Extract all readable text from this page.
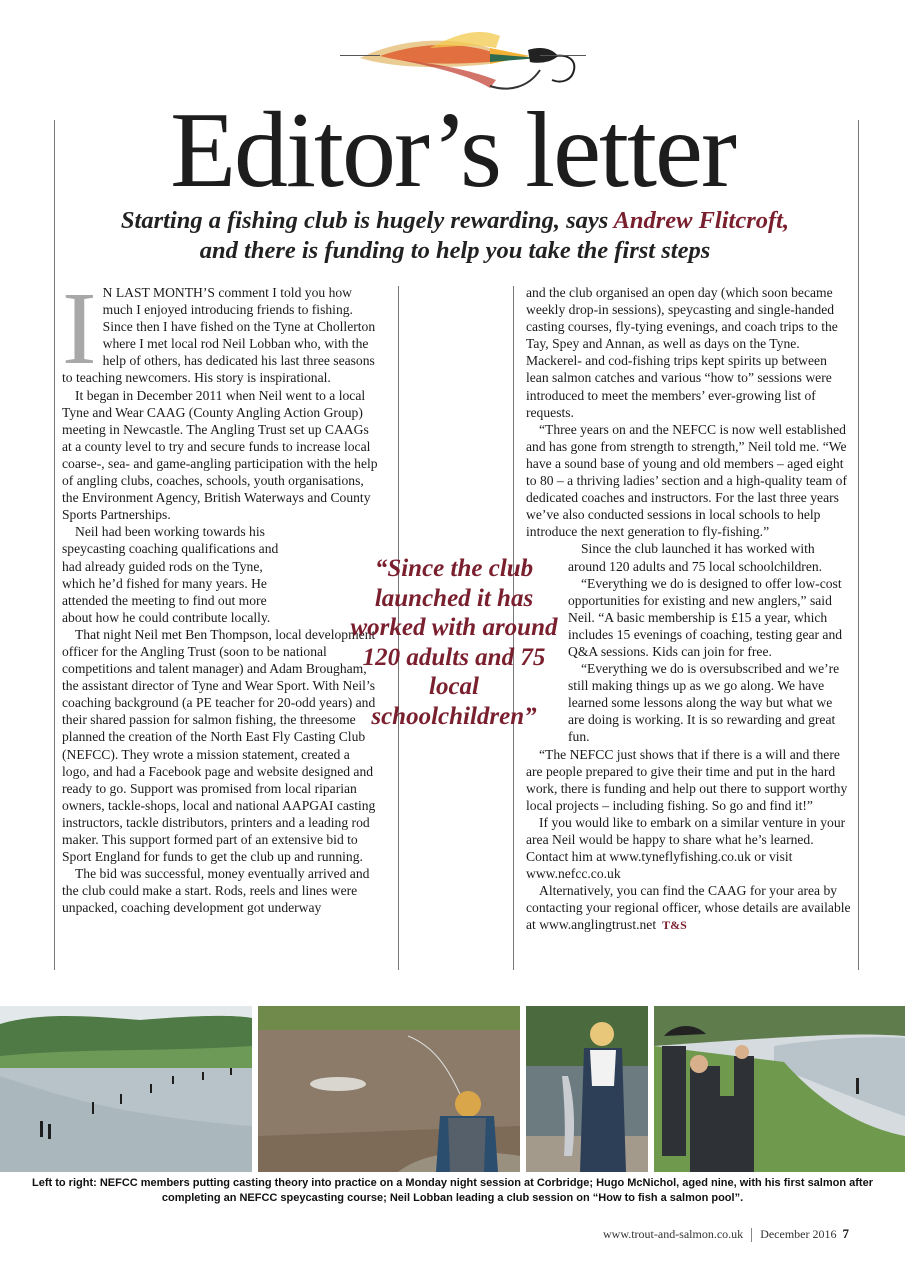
Editor’s letter
Starting a fishing club is hugely rewarding, says Andrew Flitcroft,
and there is funding to help you take the first steps
I N LAST MONTH’S comment I told you how much I enjoyed introducing friends to fishing. Since then I have fished on the Tyne at Chollerton where I met local rod Neil Lobban who, with the help of others, has dedicated his last three seasons to teaching newcomers. His story is inspirational.

It began in December 2011 when Neil went to a local Tyne and Wear CAAG (County Angling Action Group) meeting in Newcastle. The Angling Trust set up CAAGs at a county level to try and secure funds to increase local coarse-, sea- and game-angling participation with the help of angling clubs, coaches, schools, youth organisations, the Environment Agency, British Waterways and County Sports Partnerships.

Neil had been working towards his speycasting coaching qualifications and had already guided rods on the Tyne, which he’d fished for many years. He attended the meeting to find out more about how he could contribute locally.

That night Neil met Ben Thompson, local development officer for the Angling Trust (soon to be national competitions and talent manager) and Adam Brougham, the assistant director of Tyne and Wear Sport. With Neil’s coaching background (a PE teacher for 20-odd years) and their shared passion for salmon fishing, the threesome planned the creation of the North East Fly Casting Club (NEFCC). They wrote a mission statement, created a logo, and had a Facebook page and website designed and ready to go. Support was promised from local riparian owners, tackle-shops, local and national AAPGAI casting instructors, tackle distributors, printers and a leading rod maker. This support formed part of an extensive bid to Sport England for funds to get the club up and running.

The bid was successful, money eventually arrived and the club could make a start. Rods, reels and lines were unpacked, coaching development got underway

“Since the club launched it has worked with around 120 adults and 75 local schoolchildren”

and the club organised an open day (which soon became weekly drop-in sessions), speycasting and single-handed casting courses, fly-tying evenings, and coach trips to the Tay, Spey and Annan, as well as days on the Tyne. Mackerel- and cod-fishing trips kept spirits up between lean salmon catches and various “how to” sessions were introduced to meet the members’ ever-growing list of requests.

“Three years on and the NEFCC is now well established and has gone from strength to strength,” Neil told me. “We have a sound base of young and old members – aged eight to 80 – a thriving ladies’ section and a high-quality team of dedicated coaches and instructors. For the last three years we’ve also conducted sessions in local schools to help introduce the next generation to fly-fishing.”

Since the club launched it has worked with around 120 adults and 75 local schoolchildren.

“Everything we do is designed to offer low-cost opportunities for existing and new anglers,” said Neil. “A basic membership is £15 a year, which includes 15 evenings of coaching, testing gear and Q&A sessions. Kids can join for free.

“Everything we do is oversubscribed and we’re still making things up as we go along. We have learned some lessons along the way but what we are doing is working. It is so rewarding and great fun.

“The NEFCC just shows that if there is a will and there are people prepared to give their time and put in the hard work, there is funding and help out there to support worthy local projects – including fishing. So go and find it!”

If you would like to embark on a similar venture in your area Neil would be happy to share what he’s learned. Contact him at www.tyneflyfishing.co.uk or visit www.nefcc.co.uk

Alternatively, you can find the CAAG for your area by contacting your regional officer, whose details are available at www.anglingtrust.net T&S

Left to right: NEFCC members putting casting theory into practice on a Monday night session at Corbridge; Hugo McNichol, aged nine, with his first salmon after completing an NEFCC speycasting course; Neil Lobban leading a club session on “How to fish a salmon pool”.
www.trout-and-salmon.co.uk December 2016 7
